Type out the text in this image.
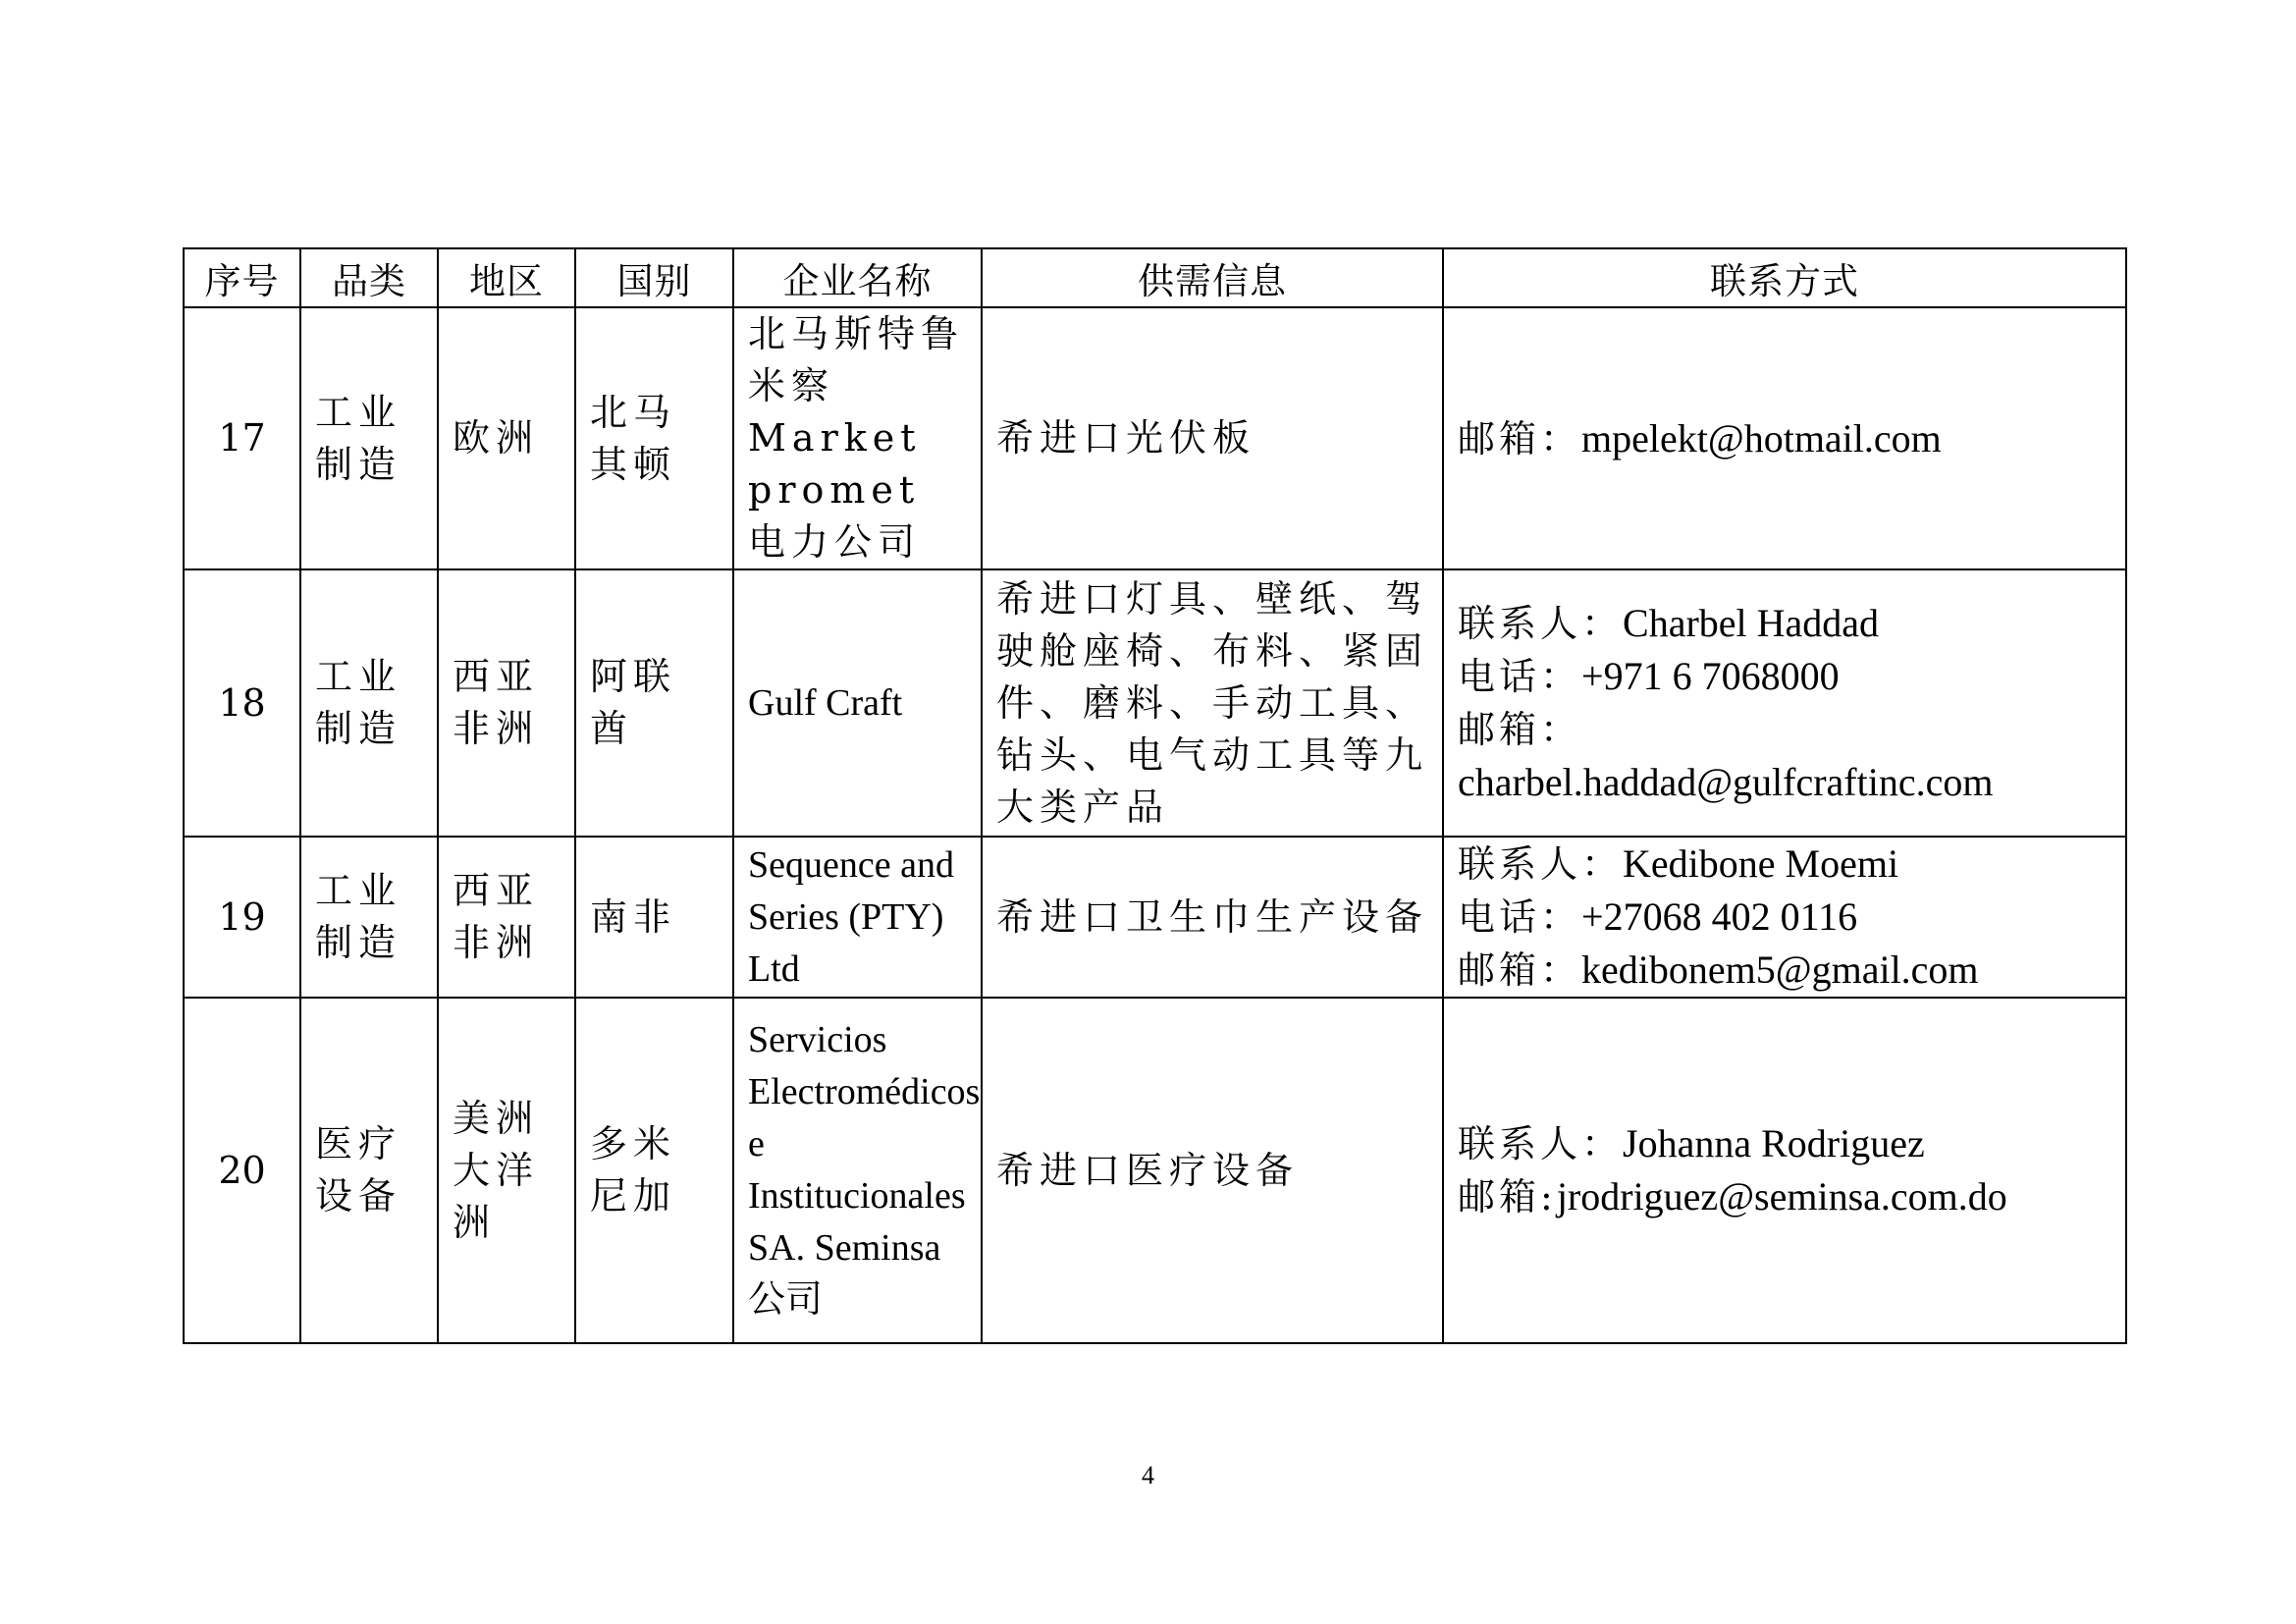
序号	品类	地区	国别	企业名称	供需信息	联系方式
17	工业制造	欧洲	北马其顿	北马斯特鲁米察 Market promet 电力公司	希进口光伏板	邮箱：mpelekt@hotmail.com

18	工业制造	西亚非洲	阿联酋	Gulf Craft	希进口灯具、壁纸、驾驶舱座椅、布料、紧固件、磨料、手动工具、钻头、电气动工具等九大类产品	联系人：Charbel Haddad
电话：+971 6 7068000
邮箱：
charbel.haddad@gulfcraftinc.com

19	工业制造	西亚非洲	南非	Sequence and Series (PTY) Ltd	希进口卫生巾生产设备	联系人：Kedibone Moemi
电话：+27068 402 0116
邮箱：kedibonem5@gmail.com

20	医疗设备	美洲大洋洲	多米尼加	Servicios Electromédicos e Institucionales SA. Seminsa 公司	希进口医疗设备	联系人：Johanna Rodriguez
邮箱:jrodriguez@seminsa.com.do
4
